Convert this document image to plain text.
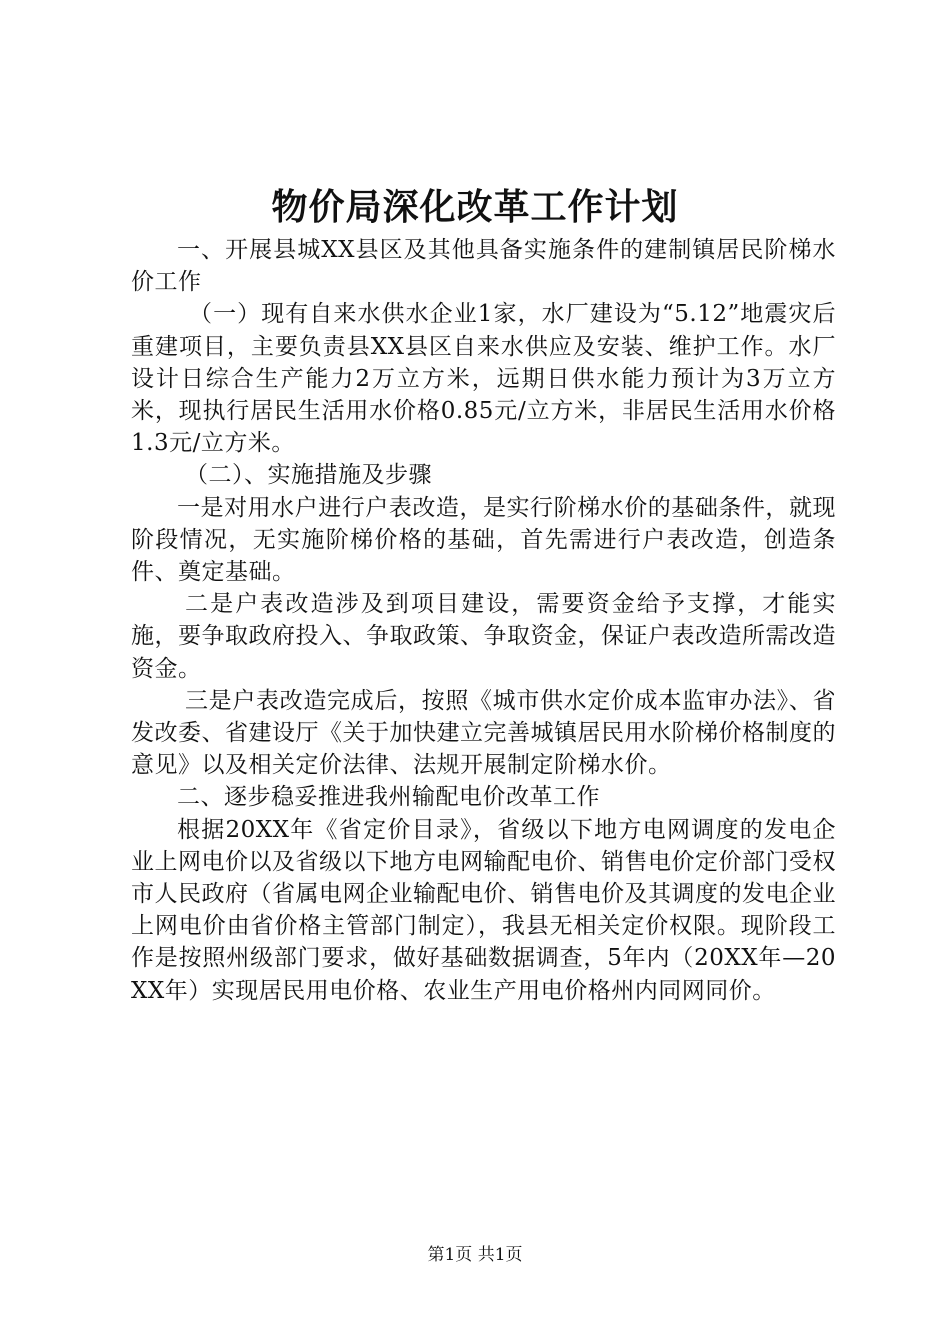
物价局深化改革工作计划

一、开展县城XX县区及其他具备实施条件的建制镇居民阶梯水价工作

（一）现有自来水供水企业1家，水厂建设为“5.12”地震灾后重建项目，主要负责县XX县区自来水供应及安装、维护工作。水厂设计日综合生产能力2万立方米，远期日供水能力预计为3万立方米，现执行居民生活用水价格0.85元/立方米，非居民生活用水价格1.3元/立方米。

（二）、实施措施及步骤

一是对用水户进行户表改造，是实行阶梯水价的基础条件，就现阶段情况，无实施阶梯价格的基础，首先需进行户表改造，创造条件、奠定基础。

二是户表改造涉及到项目建设，需要资金给予支撑，才能实施，要争取政府投入、争取政策、争取资金，保证户表改造所需改造资金。

三是户表改造完成后，按照《城市供水定价成本监审办法》、省发改委、省建设厅《关于加快建立完善城镇居民用水阶梯价格制度的意见》以及相关定价法律、法规开展制定阶梯水价。

二、逐步稳妥推进我州输配电价改革工作

根据20XX年《省定价目录》，省级以下地方电网调度的发电企业上网电价以及省级以下地方电网输配电价、销售电价定价部门受权市人民政府（省属电网企业输配电价、销售电价及其调度的发电企业上网电价由省价格主管部门制定），我县无相关定价权限。现阶段工作是按照州级部门要求，做好基础数据调查，5年内（20XX年—20XX年）实现居民用电价格、农业生产用电价格州内同网同价。

第1页 共1页
